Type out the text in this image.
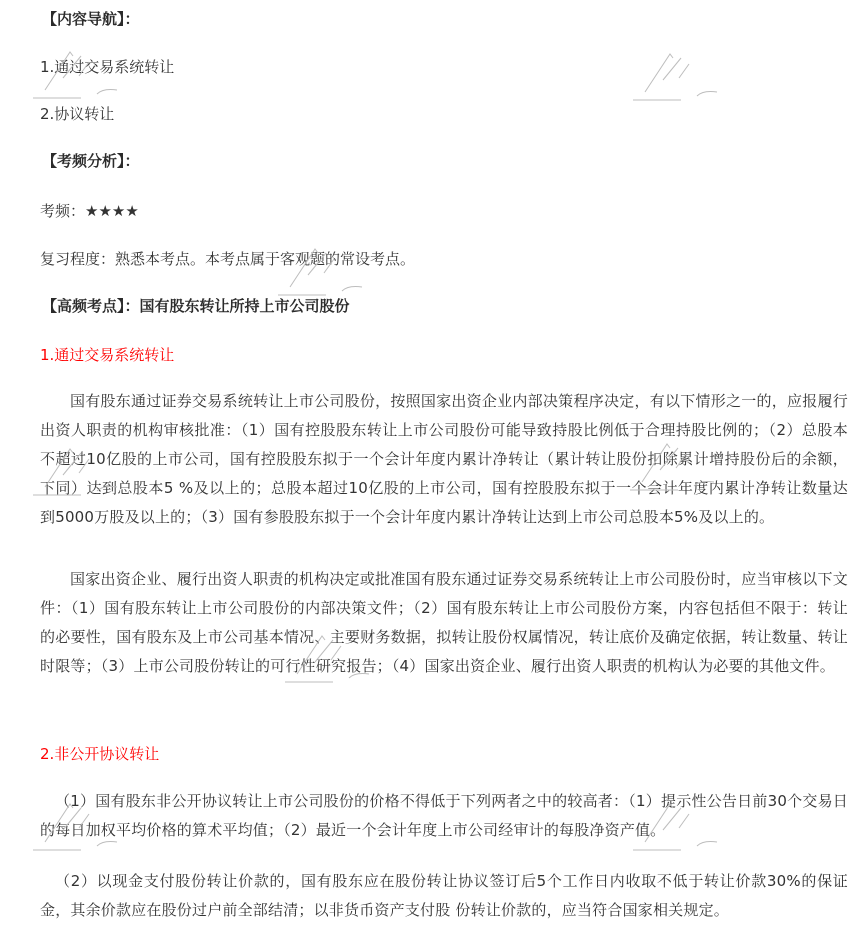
【内容导航】：
1.通过交易系统转让
2.协议转让
【考频分析】：
考频：★★★★
复习程度：熟悉本考点。本考点属于客观题的常设考点。
【高频考点】：国有股东转让所持上市公司股份
1.通过交易系统转让
国有股东通过证券交易系统转让上市公司股份，按照国家出资企业内部决策程序决定，有以下情形之一的，应报履行出资人职责的机构审核批准：（1）国有控股股东转让上市公司股份可能导致持股比例低于合理持股比例的；（2）总股本不超过10亿股的上市公司，国有控股股东拟于一个会计年度内累计净转让（累计转让股份扣除累计增持股份后的余额，下同）达到总股本5 %及以上的；总股本超过10亿股的上市公司，国有控股股东拟于一个会计年度内累计净转让数量达到5000万股及以上的；（3）国有参股股东拟于一个会计年度内累计净转让达到上市公司总股本5%及以上的。
国家出资企业、履行出资人职责的机构决定或批准国有股东通过证券交易系统转让上市公司股份时，应当审核以下文件：（1）国有股东转让上市公司股份的内部决策文件；（2）国有股东转让上市公司股份方案，内容包括但不限于：转让的必要性，国有股东及上市公司基本情况、主要财务数据，拟转让股份权属情况，转让底价及确定依据，转让数量、转让时限等；（3）上市公司股份转让的可行性研究报告；（4）国家出资企业、履行出资人职责的机构认为必要的其他文件。
2.非公开协议转让
（1）国有股东非公开协议转让上市公司股份的价格不得低于下列两者之中的较高者：（1）提示性公告日前30个交易日的每日加权平均价格的算术平均值；（2）最近一个会计年度上市公司经审计的每股净资产值。
（2）以现金支付股份转让价款的，国有股东应在股份转让协议签订后5个工作日内收取不低于转让价款30%的保证金，其余价款应在股份过户前全部结清；以非货币资产支付股 份转让价款的，应当符合国家相关规定。
